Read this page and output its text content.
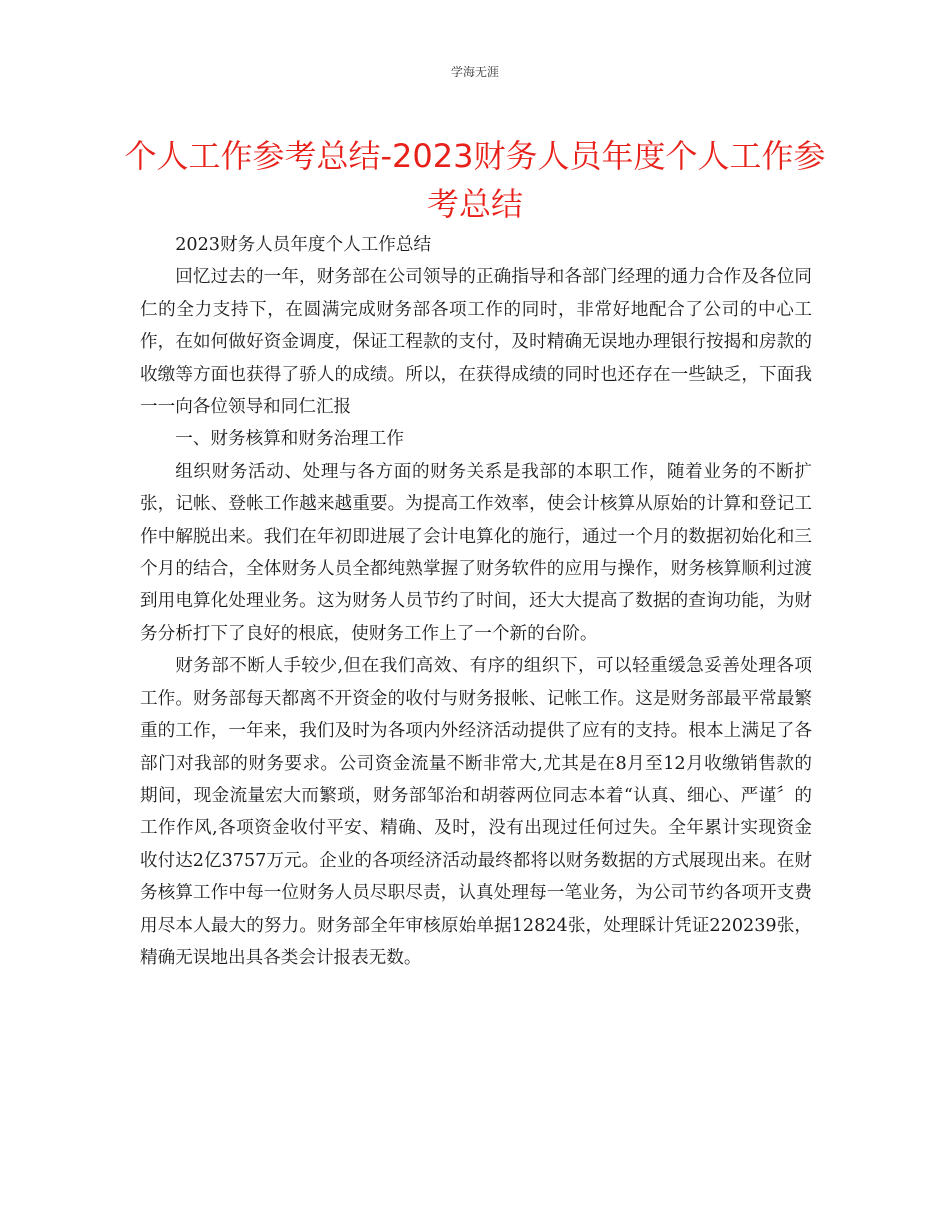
学海无涯
个人工作参考总结-2023财务人员年度个人工作参考总结

2023财务人员年度个人工作总结

回忆过去的一年，财务部在公司领导的正确指导和各部门经理的通力合作及各位同仁的全力支持下，在圆满完成财务部各项工作的同时，非常好地配合了公司的中心工作，在如何做好资金调度，保证工程款的支付，及时精确无误地办理银行按揭和房款的收缴等方面也获得了骄人的成绩。所以，在获得成绩的同时也还存在一些缺乏，下面我一一向各位领导和同仁汇报

一、财务核算和财务治理工作

组织财务活动、处理与各方面的财务关系是我部的本职工作，随着业务的不断扩张，记帐、登帐工作越来越重要。为提高工作效率，使会计核算从原始的计算和登记工作中解脱出来。我们在年初即进展了会计电算化的施行，通过一个月的数据初始化和三个月的结合，全体财务人员全都纯熟掌握了财务软件的应用与操作，财务核算顺利过渡到用电算化处理业务。这为财务人员节约了时间，还大大提高了数据的查询功能，为财务分析打下了良好的根底，使财务工作上了一个新的台阶。

财务部不断人手较少,但在我们高效、有序的组织下，可以轻重缓急妥善处理各项工作。财务部每天都离不开资金的收付与财务报帐、记帐工作。这是财务部最平常最繁重的工作，一年来，我们及时为各项内外经济活动提供了应有的支持。根本上满足了各部门对我部的财务要求。公司资金流量不断非常大,尤其是在8月至12月收缴销售款的期间，现金流量宏大而繁琐，财务部邹治和胡蓉两位同志本着“认真、细心、严谨〞的工作作风,各项资金收付平安、精确、及时，没有出现过任何过失。全年累计实现资金收付达2亿3757万元。企业的各项经济活动最终都将以财务数据的方式展现出来。在财务核算工作中每一位财务人员尽职尽责，认真处理每一笔业务，为公司节约各项开支费用尽本人最大的努力。财务部全年审核原始单据12824张，处理睬计凭证220239张，精确无误地出具各类会计报表无数。
